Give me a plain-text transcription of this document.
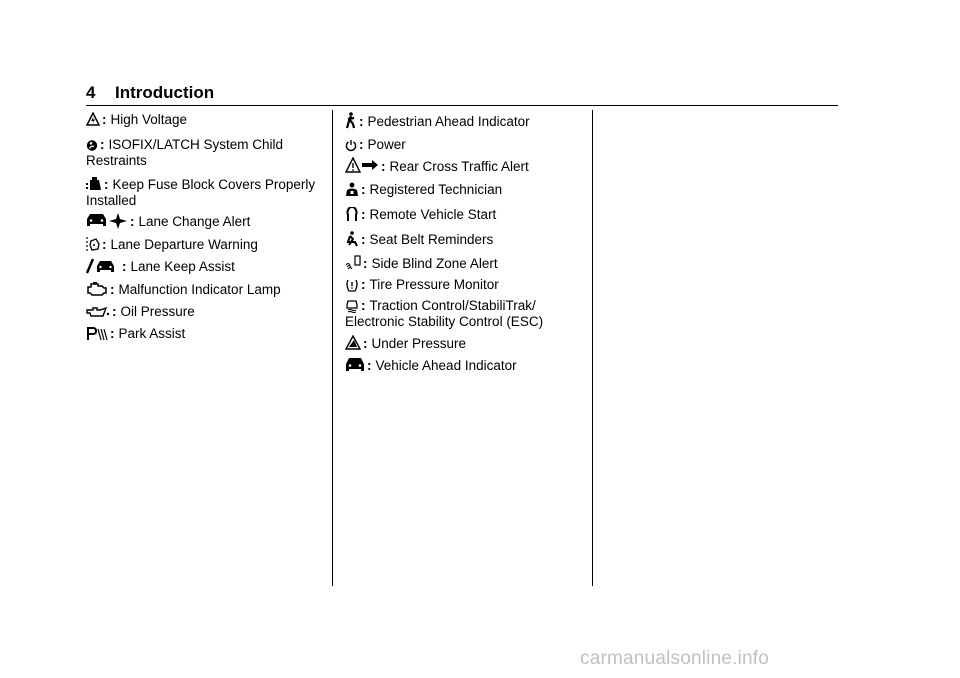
4 Introduction
: High Voltage
: ISOFIX/LATCH System Child Restraints
: Keep Fuse Block Covers Properly Installed
: Lane Change Alert
: Lane Departure Warning
: Lane Keep Assist
: Malfunction Indicator Lamp
: Oil Pressure
: Park Assist
: Pedestrian Ahead Indicator
: Power
: Rear Cross Traffic Alert
: Registered Technician
: Remote Vehicle Start
: Seat Belt Reminders
: Side Blind Zone Alert
: Tire Pressure Monitor
: Traction Control/StabiliTrak/ Electronic Stability Control (ESC)
: Under Pressure
: Vehicle Ahead Indicator
carmanualsonline.info
